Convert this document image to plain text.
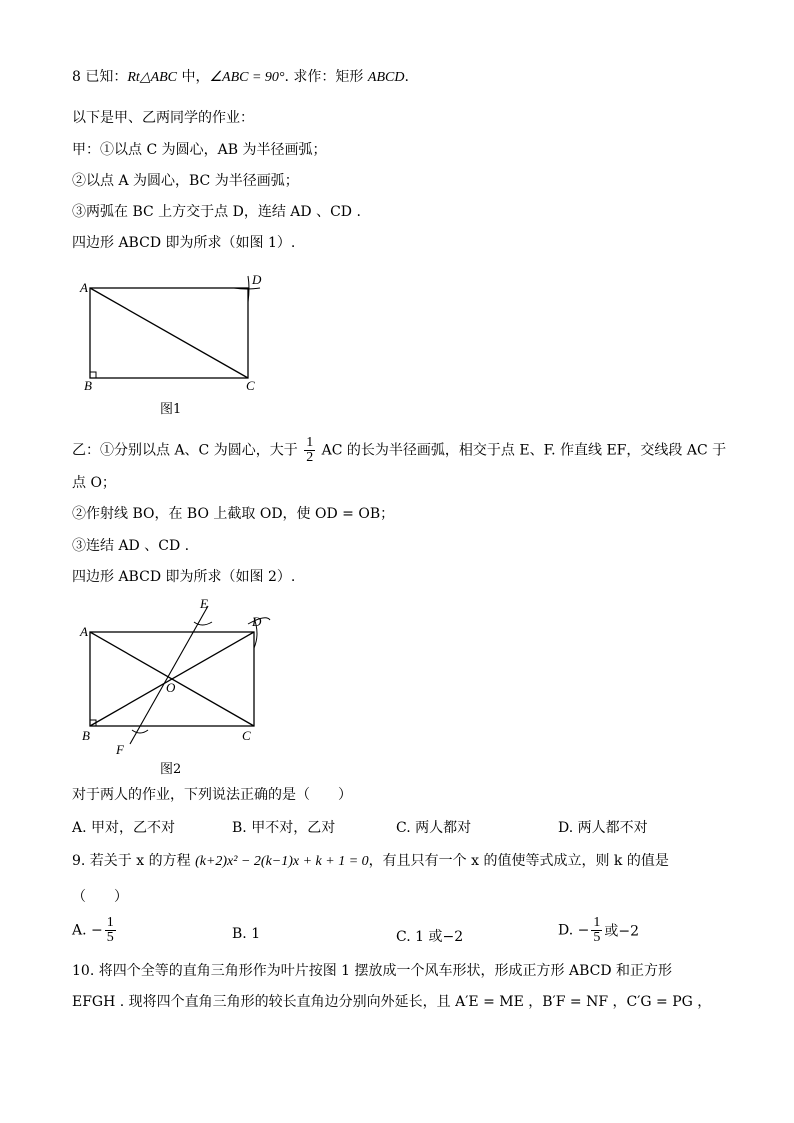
8 已知：Rt△ABC 中，∠ABC = 90°. 求作：矩形 ABCD.
以下是甲、乙两同学的作业：
甲：①以点 C 为圆心，AB 为半径画弧；
②以点 A 为圆心，BC 为半径画弧；
③两弧在 BC 上方交于点 D，连结 AD 、CD .
四边形 ABCD 即为所求（如图 1）.
A
B	C
D
图1
乙：①分别以点 A、C 为圆心，大于 $\frac{1}{2}$ AC 的长为半径画弧，相交于点 E、F. 作直线 EF，交线段 AC 于
点 O；
②作射线 BO，在 BO 上截取 OD，使 OD = OB；
③连结 AD 、CD .
四边形 ABCD 即为所求（如图 2）.
A
B	C
D
E
F
O
图2
对于两人的作业，下列说法正确的是（　　）
A. 甲对，乙不对	B. 甲不对，乙对	C. 两人都对	D. 两人都不对
9. 若关于 x 的方程 (k+2)x² − 2(k−1)x + k + 1 = 0，有且只有一个 x 的值使等式成立，则 k 的值是
（　　）
A. − $\frac{1}{5}$	B. 1	C. 1 或−2	D. − $\frac{1}{5}$ 或−2
10. 将四个全等的直角三角形作为叶片按图 1 摆放成一个风车形状，形成正方形 ABCD 和正方形
EFGH . 现将四个直角三角形的较长直角边分别向外延长，且 A′E = ME ，B′F = NF ，C′G = PG ，
